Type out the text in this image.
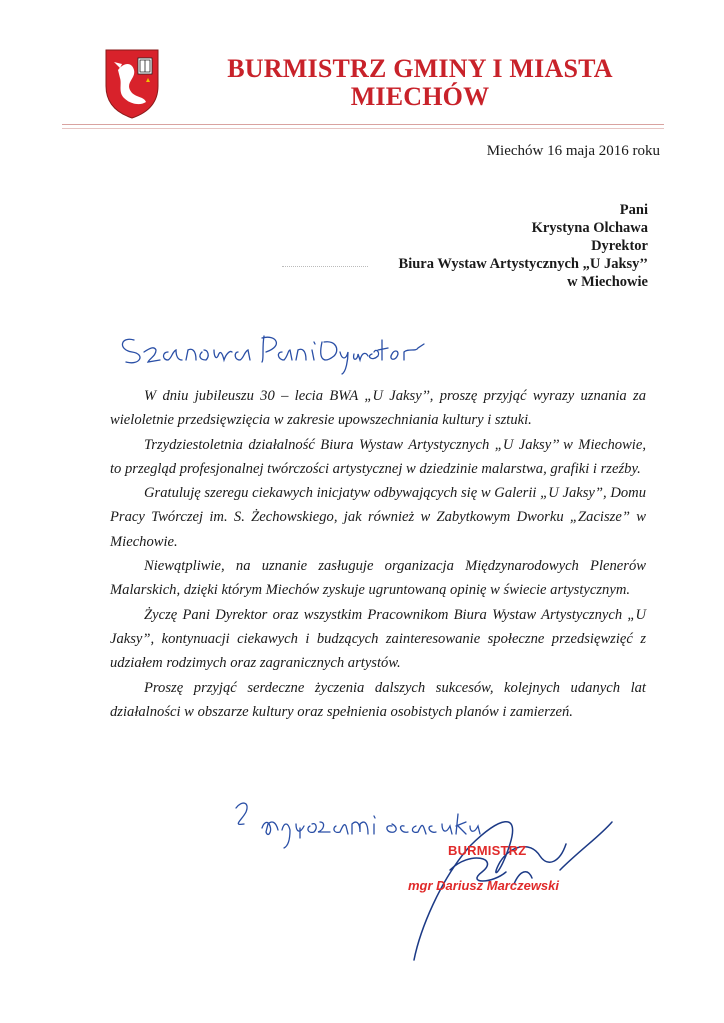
BURMISTRZ GMINY I MIASTA
MIECHÓW
Miechów 16 maja 2016 roku
Pani
Krystyna Olchawa
Dyrektor
Biura Wystaw Artystycznych „U Jaksy’’
w Miechowie

W dniu jubileuszu 30 – lecia BWA „U Jaksy’’, proszę przyjąć wyrazy uznania za wieloletnie przedsięwzięcia w zakresie upowszechniania kultury i sztuki.

Trzydziestoletnia działalność Biura Wystaw Artystycznych „U Jaksy’’ w Miechowie, to przegląd profesjonalnej twórczości artystycznej w dziedzinie malarstwa, grafiki i rzeźby.

Gratuluję szeregu ciekawych inicjatyw odbywających się w Galerii „U Jaksy”, Domu Pracy Twórczej im. S. Żechowskiego, jak również w Zabytkowym Dworku „Zacisze” w Miechowie.

Niewątpliwie, na uznanie zasługuje organizacja Międzynarodowych Plenerów Malarskich, dzięki którym Miechów zyskuje ugruntowaną opinię w świecie artystycznym.

Życzę Pani Dyrektor oraz wszystkim Pracownikom Biura Wystaw Artystycznych „U Jaksy”, kontynuacji ciekawych i budzących zainteresowanie społeczne przedsięwzięć z udziałem rodzimych oraz zagranicznych artystów.

Proszę przyjąć serdeczne życzenia dalszych sukcesów, kolejnych udanych lat działalności w obszarze kultury oraz spełnienia osobistych planów i zamierzeń.

BURMISTRZ
mgr Dariusz Marczewski
